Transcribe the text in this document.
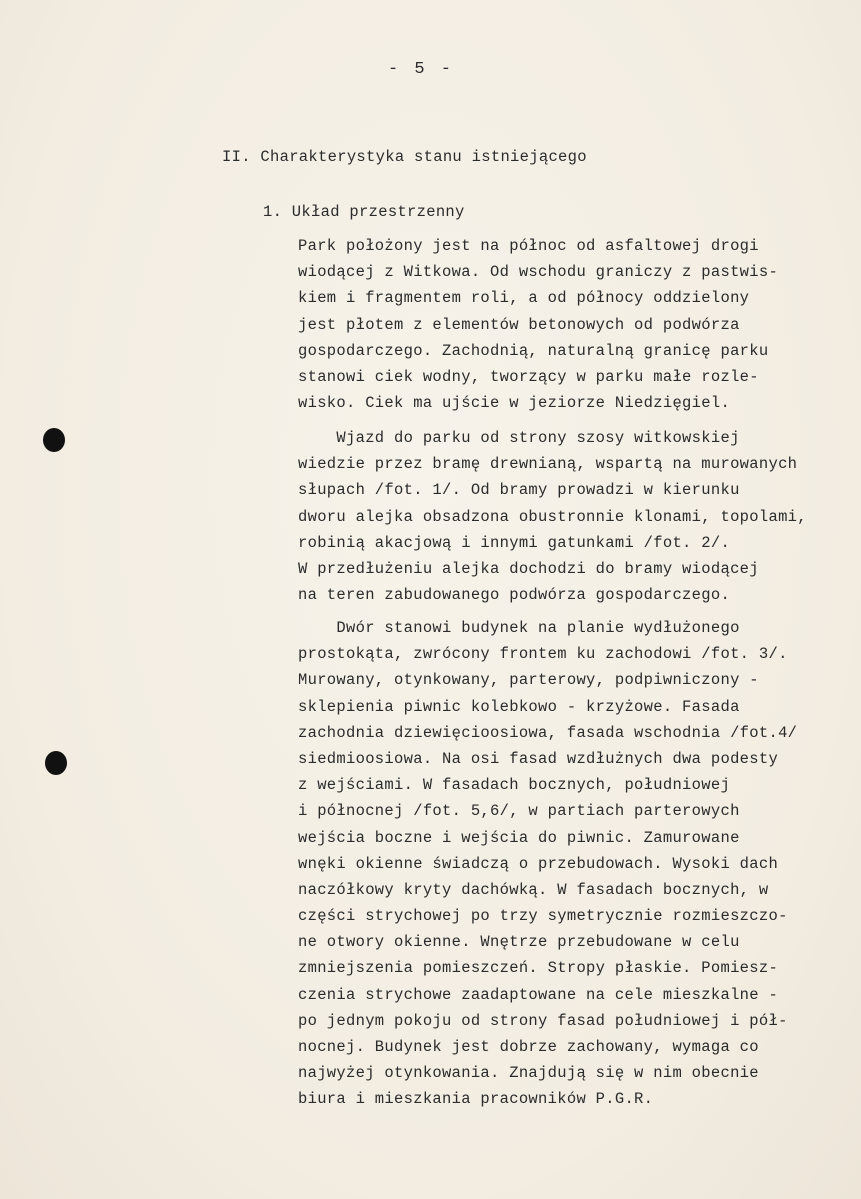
- 5 -
II. Charakterystyka stanu istniejącego
1. Układ przestrzenny
Park położony jest na północ od asfaltowej drogi
wiodącej z Witkowa. Od wschodu graniczy z pastwis-
kiem i fragmentem roli, a od północy oddzielony
jest płotem z elementów betonowych od podwórza
gospodarczego. Zachodnią, naturalną granicę parku
stanowi ciek wodny, tworzący w parku małe rozle-
wisko. Ciek ma ujście w jeziorze Niedzięgiel.
Wjazd do parku od strony szosy witkowskiej
wiedzie przez bramę drewnianą, wspartą na murowanych
słupach /fot. 1/. Od bramy prowadzi w kierunku
dworu alejka obsadzona obustronnie klonami, topolami,
robinią akacjową i innymi gatunkami /fot. 2/.
W przedłużeniu alejka dochodzi do bramy wiodącej
na teren zabudowanego podwórza gospodarczego.
Dwór stanowi budynek na planie wydłużonego
prostokąta, zwrócony frontem ku zachodowi /fot. 3/.
Murowany, otynkowany, parterowy, podpiwniczony -
sklepienia piwnic kolebkowo - krzyżowe. Fasada
zachodnia dziewięcioosiowa, fasada wschodnia /fot.4/
siedmioosiowa. Na osi fasad wzdłużnych dwa podesty
z wejściami. W fasadach bocznych, południowej
i północnej /fot. 5,6/, w partiach parterowych
wejścia boczne i wejścia do piwnic. Zamurowane
wnęki okienne świadczą o przebudowach. Wysoki dach
naczółkowy kryty dachówką. W fasadach bocznych, w
części strychowej po trzy symetrycznie rozmieszczo-
ne otwory okienne. Wnętrze przebudowane w celu
zmniejszenia pomieszczeń. Stropy płaskie. Pomiesz-
czenia strychowe zaadaptowane na cele mieszkalne -
po jednym pokoju od strony fasad południowej i pół-
nocnej. Budynek jest dobrze zachowany, wymaga co
najwyżej otynkowania. Znajdują się w nim obecnie
biura i mieszkania pracowników P.G.R.
